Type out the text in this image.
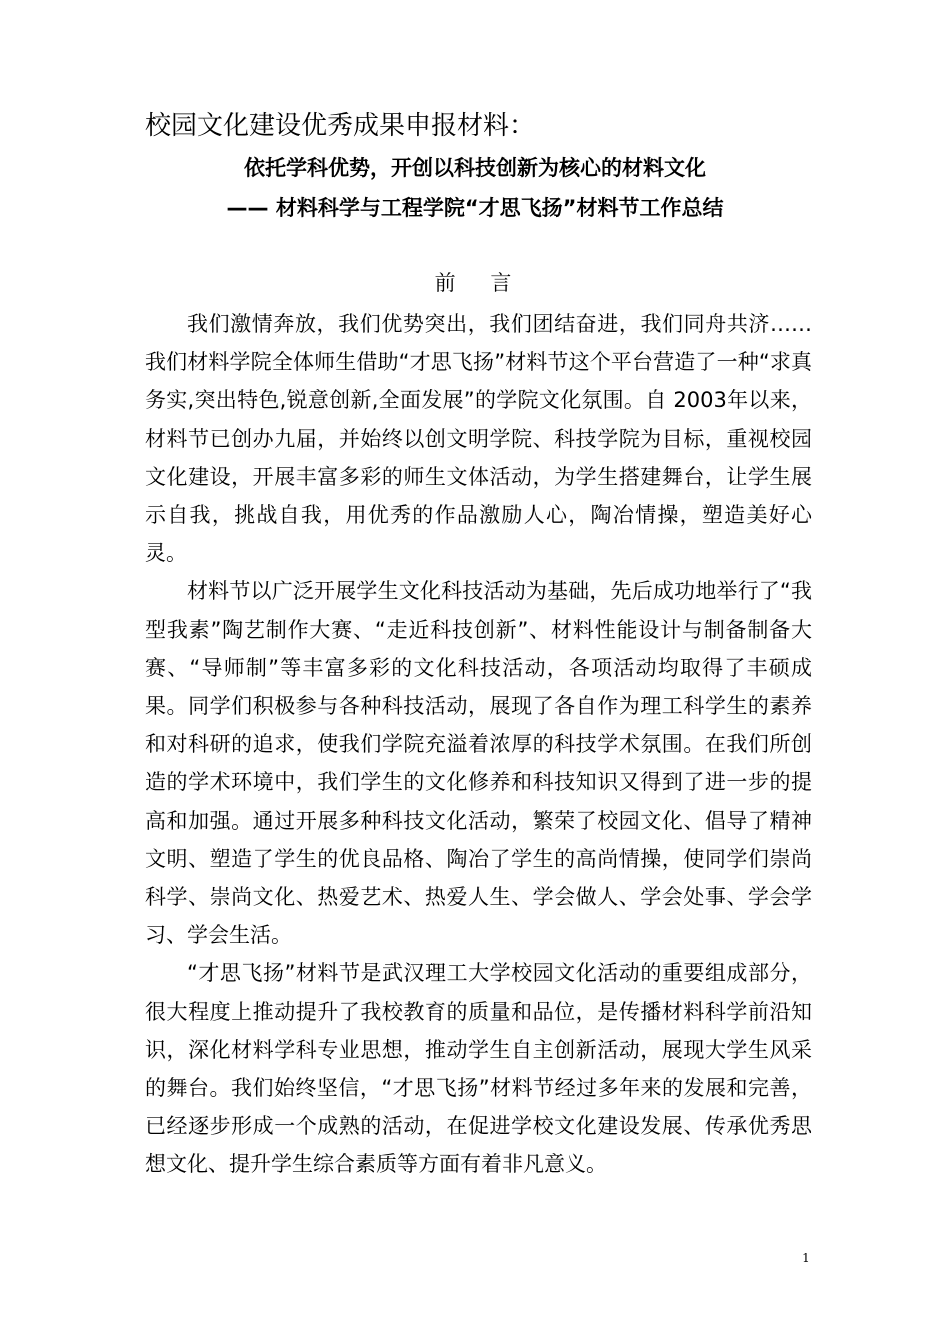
校园文化建设优秀成果申报材料：
依托学科优势，开创以科技创新为核心的材料文化
—— 材料科学与工程学院“才思飞扬”材料节工作总结
前 言

我们激情奔放，我们优势突出，我们团结奋进，我们同舟共济……我们材料学院全体师生借助“才思飞扬”材料节这个平台营造了一种“求真务实,突出特色,锐意创新,全面发展”的学院文化氛围。自 2003年以来，材料节已创办九届，并始终以创文明学院、科技学院为目标，重视校园文化建设，开展丰富多彩的师生文体活动，为学生搭建舞台，让学生展示自我，挑战自我，用优秀的作品激励人心，陶冶情操，塑造美好心灵。

材料节以广泛开展学生文化科技活动为基础，先后成功地举行了“我型我素”陶艺制作大赛、“走近科技创新”、材料性能设计与制备制备大赛、“导师制”等丰富多彩的文化科技活动，各项活动均取得了丰硕成果。同学们积极参与各种科技活动，展现了各自作为理工科学生的素养和对科研的追求，使我们学院充溢着浓厚的科技学术氛围。在我们所创造的学术环境中，我们学生的文化修养和科技知识又得到了进一步的提高和加强。通过开展多种科技文化活动，繁荣了校园文化、倡导了精神文明、塑造了学生的优良品格、陶冶了学生的高尚情操，使同学们崇尚科学、崇尚文化、热爱艺术、热爱人生、学会做人、学会处事、学会学习、学会生活。

“才思飞扬”材料节是武汉理工大学校园文化活动的重要组成部分，很大程度上推动提升了我校教育的质量和品位，是传播材料科学前沿知识，深化材料学科专业思想，推动学生自主创新活动，展现大学生风采的舞台。我们始终坚信，“才思飞扬”材料节经过多年来的发展和完善，已经逐步形成一个成熟的活动，在促进学校文化建设发展、传承优秀思想文化、提升学生综合素质等方面有着非凡意义。

1
